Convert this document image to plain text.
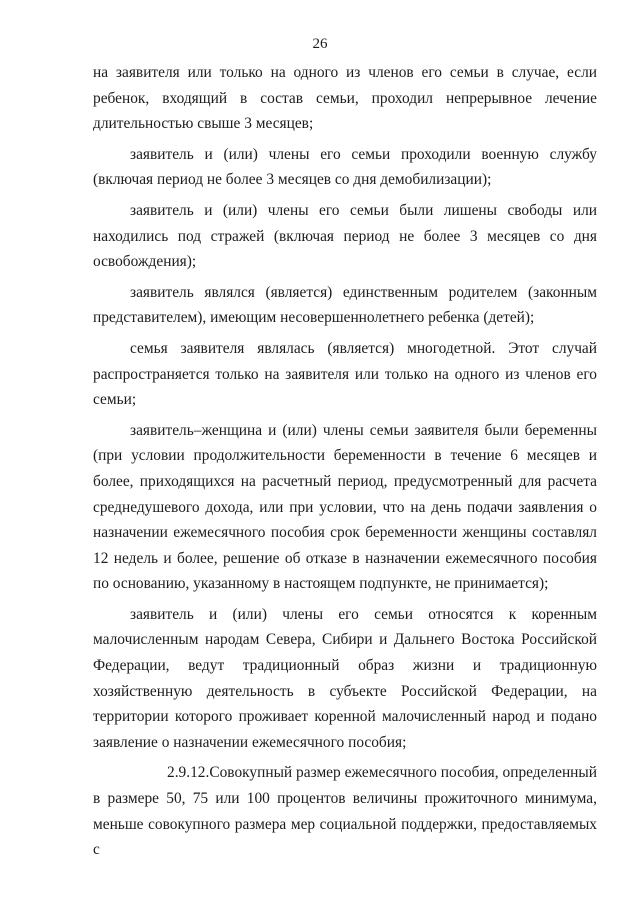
26

на заявителя или только на одного из членов его семьи в случае, если ребенок, входящий в состав семьи, проходил непрерывное лечение длительностью свыше 3 месяцев;

заявитель и (или) члены его семьи проходили военную службу (включая период не более 3 месяцев со дня демобилизации);

заявитель и (или) члены его семьи были лишены свободы или находились под стражей (включая период не более 3 месяцев со дня освобождения);

заявитель являлся (является) единственным родителем (законным представителем), имеющим несовершеннолетнего ребенка (детей);

семья заявителя являлась (является) многодетной. Этот случай распространяется только на заявителя или только на одного из членов его семьи;

заявитель–женщина и (или) члены семьи заявителя были беременны (при условии продолжительности беременности в течение 6 месяцев и более, приходящихся на расчетный период, предусмотренный для расчета среднедушевого дохода, или при условии, что на день подачи заявления о назначении ежемесячного пособия срок беременности женщины составлял 12 недель и более, решение об отказе в назначении ежемесячного пособия по основанию, указанному в настоящем подпункте, не принимается);

заявитель и (или) члены его семьи относятся к коренным малочисленным народам Севера, Сибири и Дальнего Востока Российской Федерации, ведут традиционный образ жизни и традиционную хозяйственную деятельность в субъекте Российской Федерации, на территории которого проживает коренной малочисленный народ и подано заявление о назначении ежемесячного пособия;

2.9.12.Совокупный размер ежемесячного пособия, определенный в размере 50, 75 или 100 процентов величины прожиточного минимума, меньше совокупного размера мер социальной поддержки, предоставляемых с
